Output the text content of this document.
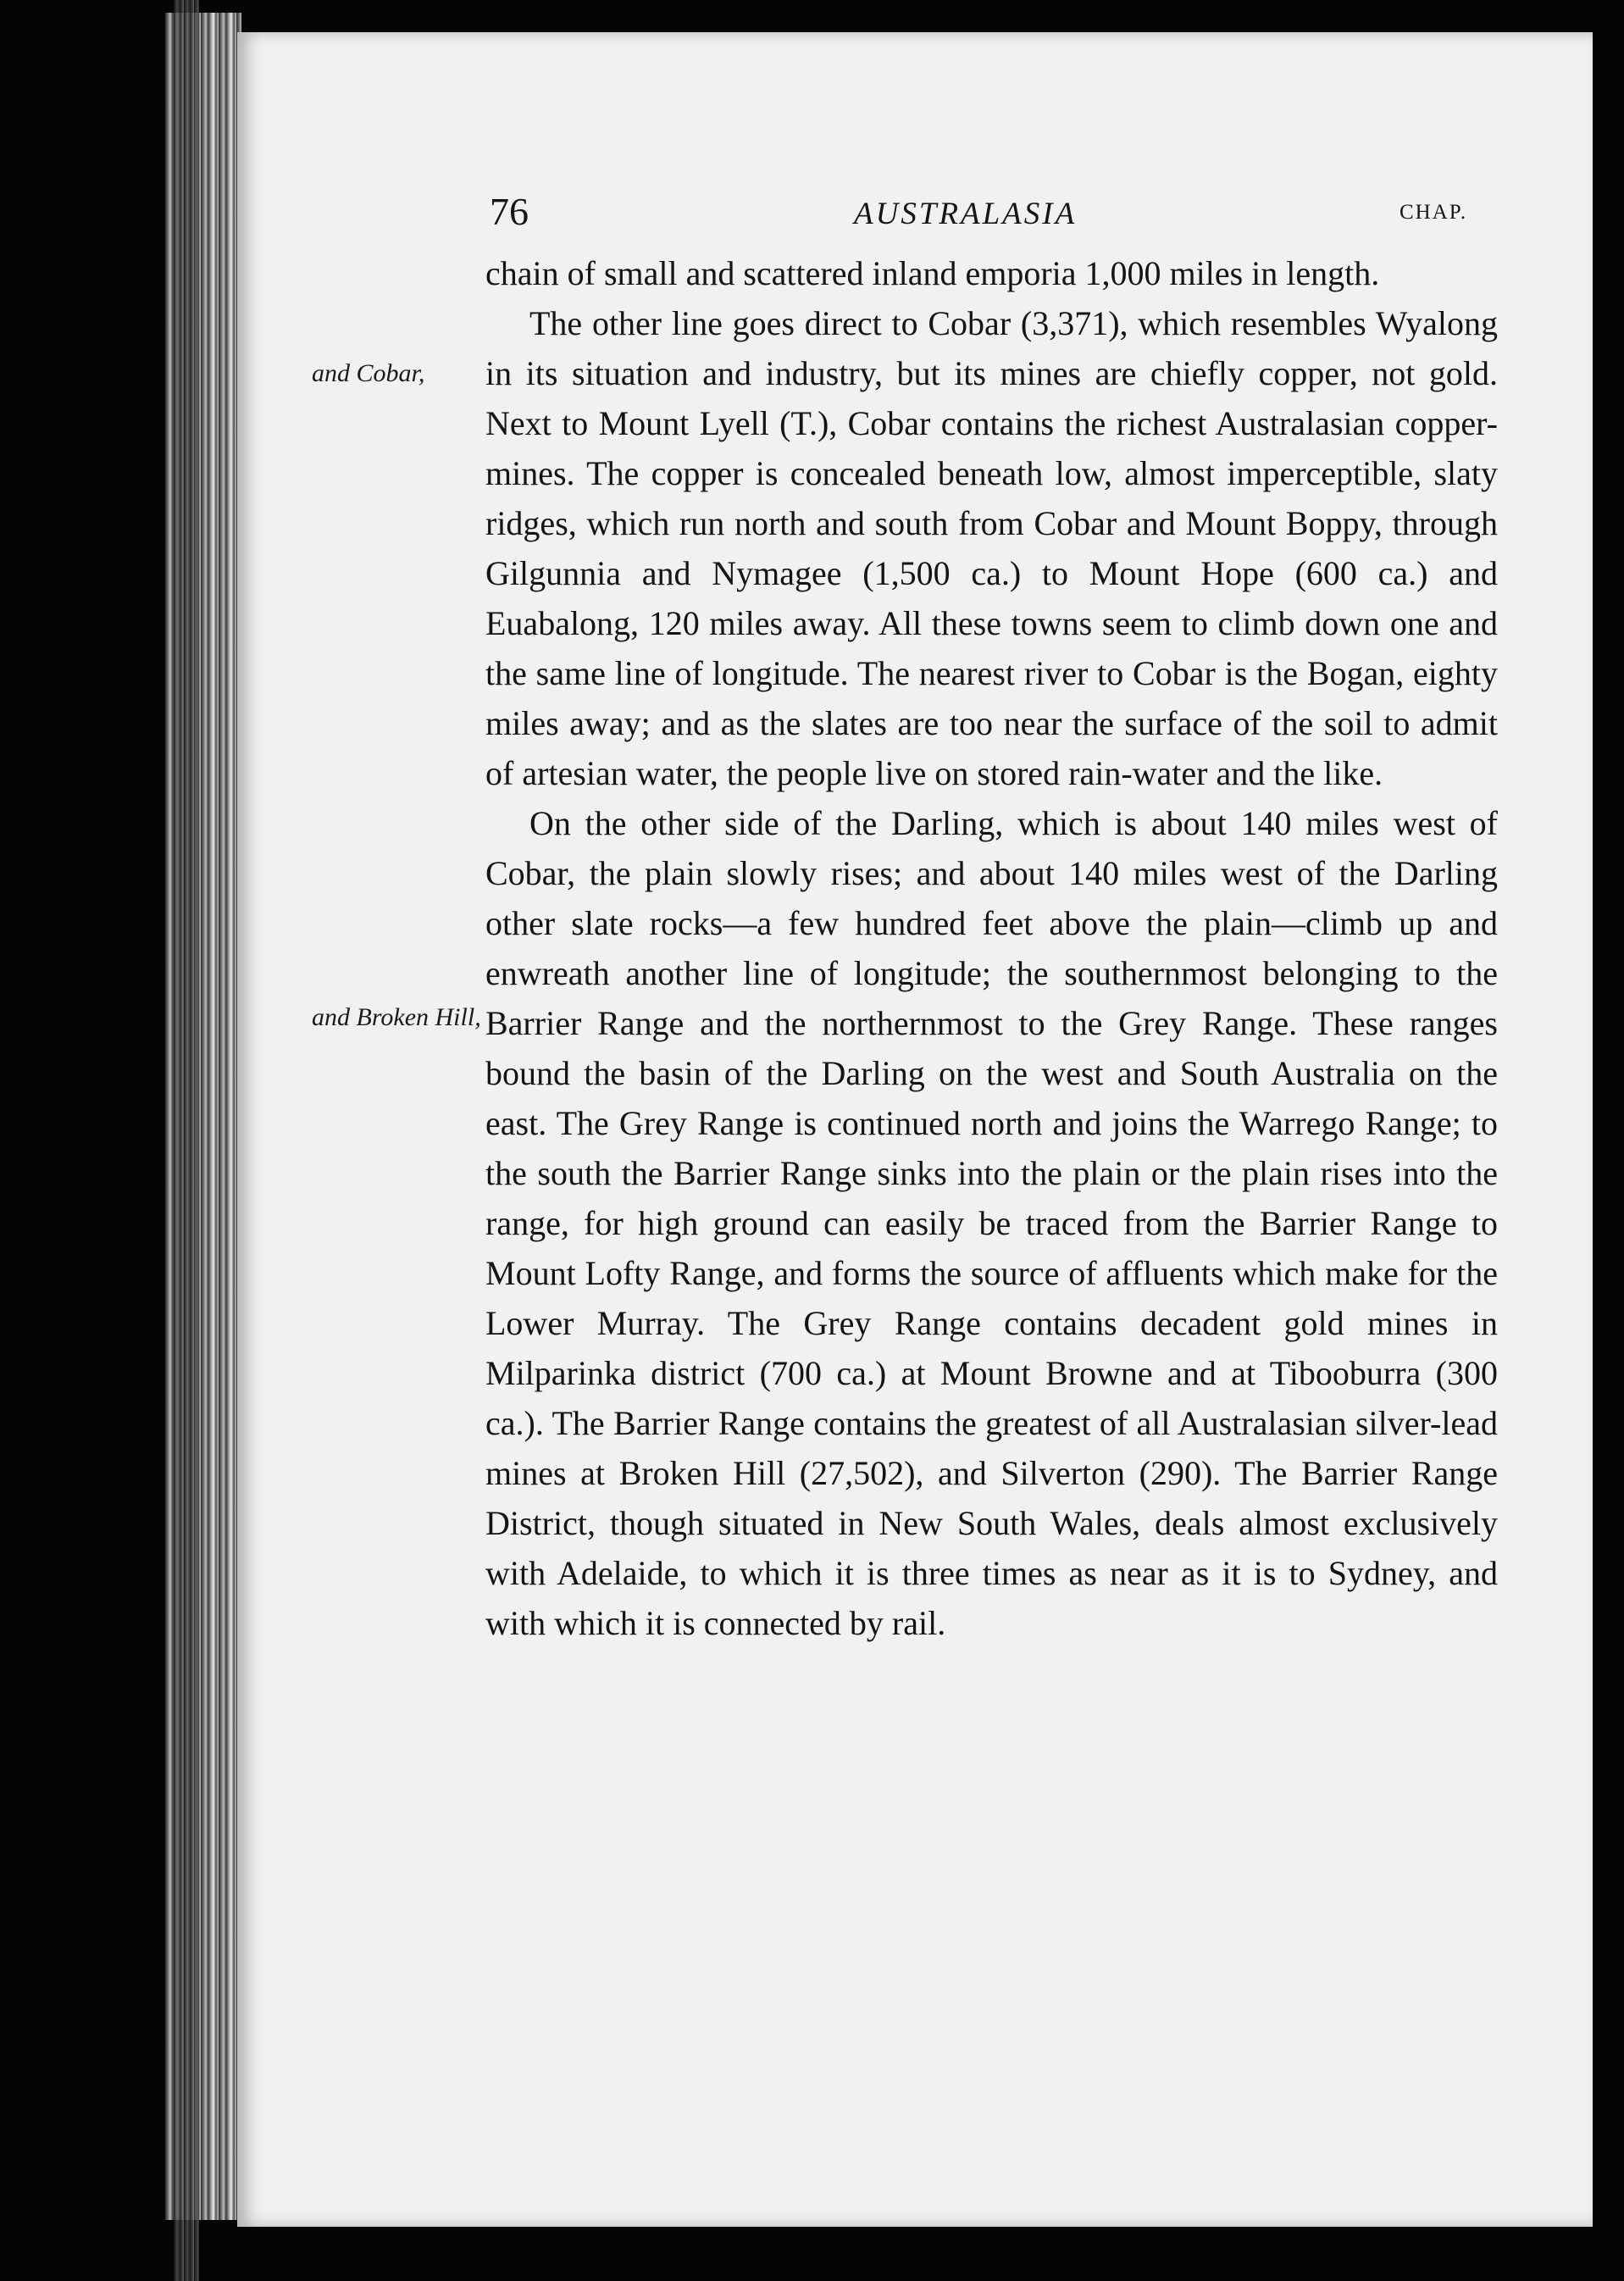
76	AUSTRALASIA	CHAP.
and Cobar,
and Broken Hill,

chain of small and scattered inland emporia 1,000 miles in length.

The other line goes direct to Cobar (3,371), which resembles Wyalong in its situation and industry, but its mines are chiefly copper, not gold. Next to Mount Lyell (T.), Cobar contains the richest Australasian copper-mines. The copper is concealed beneath low, almost imperceptible, slaty ridges, which run north and south from Cobar and Mount Boppy, through Gilgunnia and Nymagee (1,500 ca.) to Mount Hope (600 ca.) and Euabalong, 120 miles away. All these towns seem to climb down one and the same line of longitude. The nearest river to Cobar is the Bogan, eighty miles away; and as the slates are too near the surface of the soil to admit of artesian water, the people live on stored rain-water and the like.

On the other side of the Darling, which is about 140 miles west of Cobar, the plain slowly rises; and about 140 miles west of the Darling other slate rocks—a few hundred feet above the plain—climb up and enwreath another line of longitude; the southernmost belonging to the Barrier Range and the northernmost to the Grey Range. These ranges bound the basin of the Darling on the west and South Australia on the east. The Grey Range is continued north and joins the Warrego Range; to the south the Barrier Range sinks into the plain or the plain rises into the range, for high ground can easily be traced from the Barrier Range to Mount Lofty Range, and forms the source of affluents which make for the Lower Murray. The Grey Range contains decadent gold mines in Milparinka district (700 ca.) at Mount Browne and at Tibooburra (300 ca.). The Barrier Range contains the greatest of all Australasian silver-lead mines at Broken Hill (27,502), and Silverton (290). The Barrier Range District, though situated in New South Wales, deals almost exclusively with Adelaide, to which it is three times as near as it is to Sydney, and with which it is connected by rail.
